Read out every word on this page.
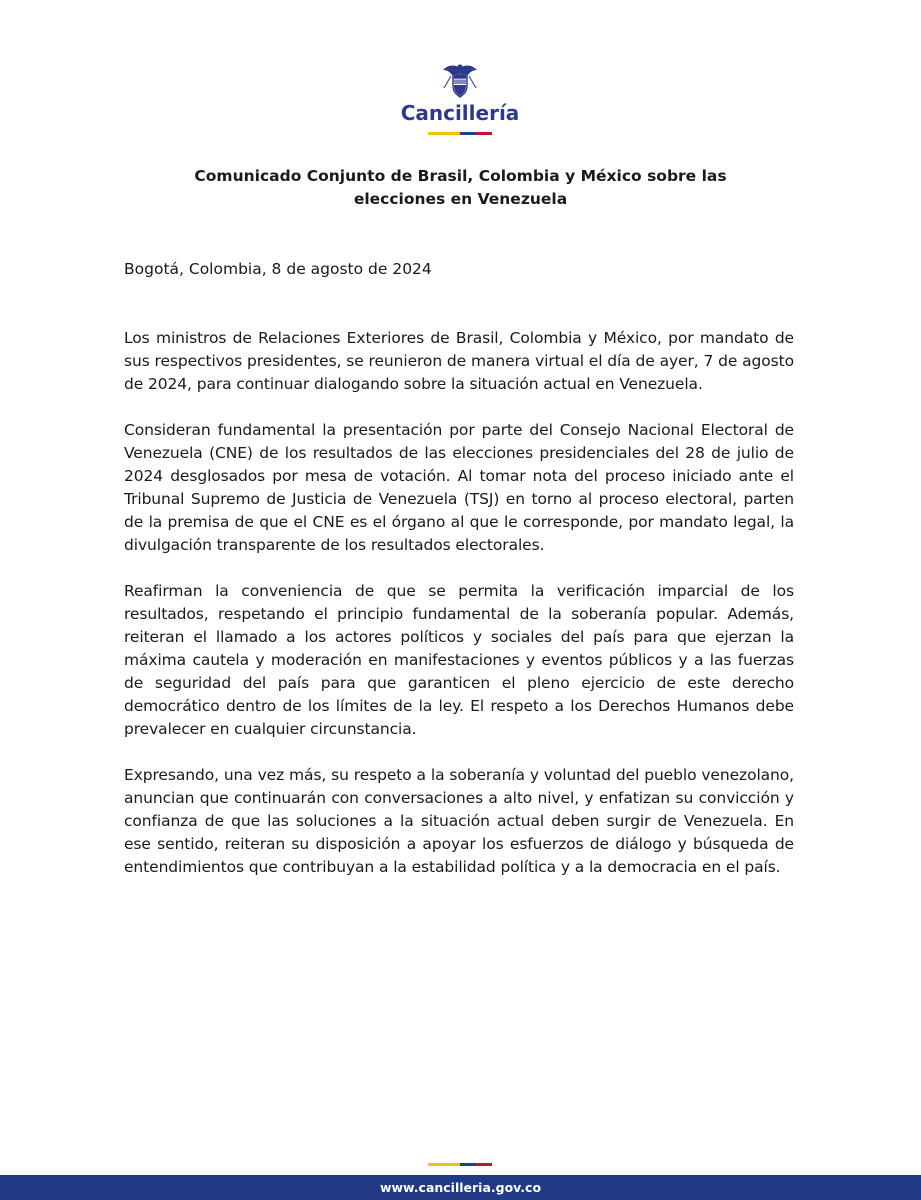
Cancillería
Comunicado Conjunto de Brasil, Colombia y México sobre las
elecciones en Venezuela
Bogotá, Colombia, 8 de agosto de 2024

Los ministros de Relaciones Exteriores de Brasil, Colombia y México, por mandato de sus respectivos presidentes, se reunieron de manera virtual el día de ayer, 7 de agosto de 2024, para continuar dialogando sobre la situación actual en Venezuela.

Consideran fundamental la presentación por parte del Consejo Nacional Electoral de Venezuela (CNE) de los resultados de las elecciones presidenciales del 28 de julio de 2024 desglosados por mesa de votación. Al tomar nota del proceso iniciado ante el Tribunal Supremo de Justicia de Venezuela (TSJ) en torno al proceso electoral, parten de la premisa de que el CNE es el órgano al que le corresponde, por mandato legal, la divulgación transparente de los resultados electorales.

Reafirman la conveniencia de que se permita la verificación imparcial de los resultados, respetando el principio fundamental de la soberanía popular. Además, reiteran el llamado a los actores políticos y sociales del país para que ejerzan la máxima cautela y moderación en manifestaciones y eventos públicos y a las fuerzas de seguridad del país para que garanticen el pleno ejercicio de este derecho democrático dentro de los límites de la ley. El respeto a los Derechos Humanos debe prevalecer en cualquier circunstancia.

Expresando, una vez más, su respeto a la soberanía y voluntad del pueblo venezolano, anuncian que continuarán con conversaciones a alto nivel, y enfatizan su convicción y confianza de que las soluciones a la situación actual deben surgir de Venezuela. En ese sentido, reiteran su disposición a apoyar los esfuerzos de diálogo y búsqueda de entendimientos que contribuyan a la estabilidad política y a la democracia en el país.

www.cancilleria.gov.co
